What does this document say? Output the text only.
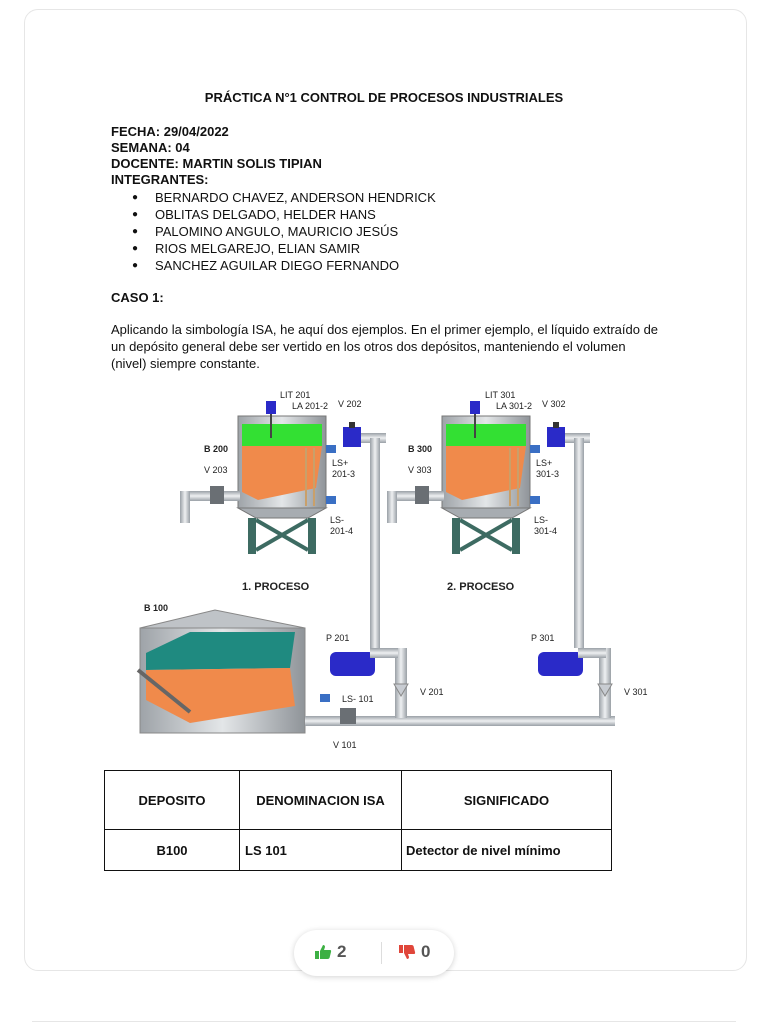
PRÁCTICA N°1 CONTROL DE PROCESOS INDUSTRIALES
FECHA: 29/04/2022
SEMANA: 04
DOCENTE: MARTIN SOLIS TIPIAN
INTEGRANTES:
● BERNARDO CHAVEZ, ANDERSON HENDRICK
● OBLITAS DELGADO, HELDER HANS
● PALOMINO ANGULO, MAURICIO JESÚS
● RIOS MELGAREJO, ELIAN SAMIR
● SANCHEZ AGUILAR DIEGO FERNANDO
CASO 1:
Aplicando la simbología ISA, he aquí dos ejemplos. En el primer ejemplo, el líquido extraído de un depósito general debe ser vertido en los otros dos depósitos, manteniendo el volumen (nivel) siempre constante.
LIT 201
LA 201-2 V 202
B 200
V 203
LS+
201-3
LS-
201-4
LIT 301
LA 301-2 V 302
B 300
V 303
LS+
301-3
LS-
301-4
1. PROCESO	2. PROCESO
B 100
P 201	P 301
LS- 101
V 201	V 301
V 101
DEPOSITO	DENOMINACION ISA	SIGNIFICADO
B100	LS 101	Detector de nivel mínimo
2	0
